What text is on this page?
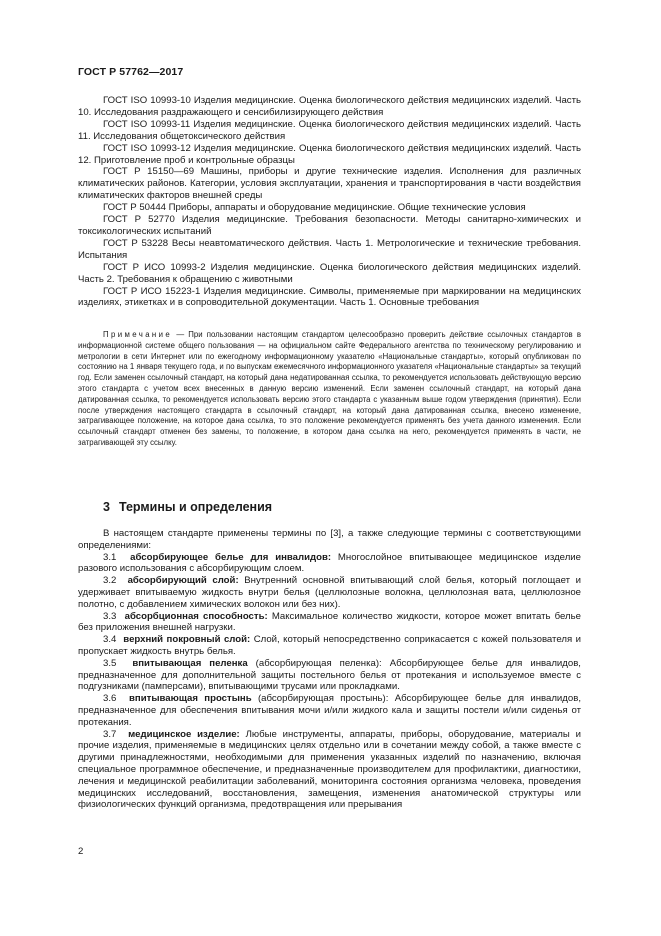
ГОСТ Р 57762—2017
ГОСТ ISO 10993-10 Изделия медицинские. Оценка биологического действия медицинских изделий. Часть 10. Исследования раздражающего и сенсибилизирующего действия
ГОСТ ISO 10993-11 Изделия медицинские. Оценка биологического действия медицинских изделий. Часть 11. Исследования общетоксического действия
ГОСТ ISO 10993-12 Изделия медицинские. Оценка биологического действия медицинских изделий. Часть 12. Приготовление проб и контрольные образцы
ГОСТ Р 15150—69 Машины, приборы и другие технические изделия. Исполнения для различных климатических районов. Категории, условия эксплуатации, хранения и транспортирования в части воздействия климатических факторов внешней среды
ГОСТ Р 50444 Приборы, аппараты и оборудование медицинские. Общие технические условия
ГОСТ Р 52770 Изделия медицинские. Требования безопасности. Методы санитарно-химических и токсикологических испытаний
ГОСТ Р 53228 Весы неавтоматического действия. Часть 1. Метрологические и технические требования. Испытания
ГОСТ Р ИСО 10993-2 Изделия медицинские. Оценка биологического действия медицинских изделий. Часть 2. Требования к обращению с животными
ГОСТ Р ИСО 15223-1 Изделия медицинские. Символы, применяемые при маркировании на медицинских изделиях, этикетках и в сопроводительной документации. Часть 1. Основные требования
Примечание — При пользовании настоящим стандартом целесообразно проверить действие ссылочных стандартов в информационной системе общего пользования — на официальном сайте Федерального агентства по техническому регулированию и метрологии в сети Интернет или по ежегодному информационному указателю «Национальные стандарты», который опубликован по состоянию на 1 января текущего года, и по выпускам ежемесячного информационного указателя «Национальные стандарты» за текущий год. Если заменен ссылочный стандарт, на который дана недатированная ссылка, то рекомендуется использовать действующую версию этого стандарта с учетом всех внесенных в данную версию изменений. Если заменен ссылочный стандарт, на который дана датированная ссылка, то рекомендуется использовать версию этого стандарта с указанным выше годом утверждения (принятия). Если после утверждения настоящего стандарта в ссылочный стандарт, на который дана датированная ссылка, внесено изменение, затрагивающее положение, на которое дана ссылка, то это положение рекомендуется применять без учета данного изменения. Если ссылочный стандарт отменен без замены, то положение, в котором дана ссылка на него, рекомендуется применять в части, не затрагивающей эту ссылку.
3 Термины и определения
В настоящем стандарте применены термины по [3], а также следующие термины с соответствующими определениями:
3.1 абсорбирующее белье для инвалидов: Многослойное впитывающее медицинское изделие разового использования с абсорбирующим слоем.
3.2 абсорбирующий слой: Внутренний основной впитывающий слой белья, который поглощает и удерживает впитываемую жидкость внутри белья (целлюлозные волокна, целлюлозная вата, целлюлозное полотно, с добавлением химических волокон или без них).
3.3 абсорбционная способность: Максимальное количество жидкости, которое может впитать белье без приложения внешней нагрузки.
3.4 верхний покровный слой: Слой, который непосредственно соприкасается с кожей пользователя и пропускает жидкость внутрь белья.
3.5 впитывающая пеленка (абсорбирующая пеленка): Абсорбирующее белье для инвалидов, предназначенное для дополнительной защиты постельного белья от протекания и используемое вместе с подгузниками (памперсами), впитывающими трусами или прокладками.
3.6 впитывающая простынь (абсорбирующая простынь): Абсорбирующее белье для инвалидов, предназначенное для обеспечения впитывания мочи и/или жидкого кала и защиты постели и/или сиденья от протекания.
3.7 медицинское изделие: Любые инструменты, аппараты, приборы, оборудование, материалы и прочие изделия, применяемые в медицинских целях отдельно или в сочетании между собой, а также вместе с другими принадлежностями, необходимыми для применения указанных изделий по назначению, включая специальное программное обеспечение, и предназначенные производителем для профилактики, диагностики, лечения и медицинской реабилитации заболеваний, мониторинга состояния организма человека, проведения медицинских исследований, восстановления, замещения, изменения анатомической структуры или физиологических функций организма, предотвращения или прерывания
2
